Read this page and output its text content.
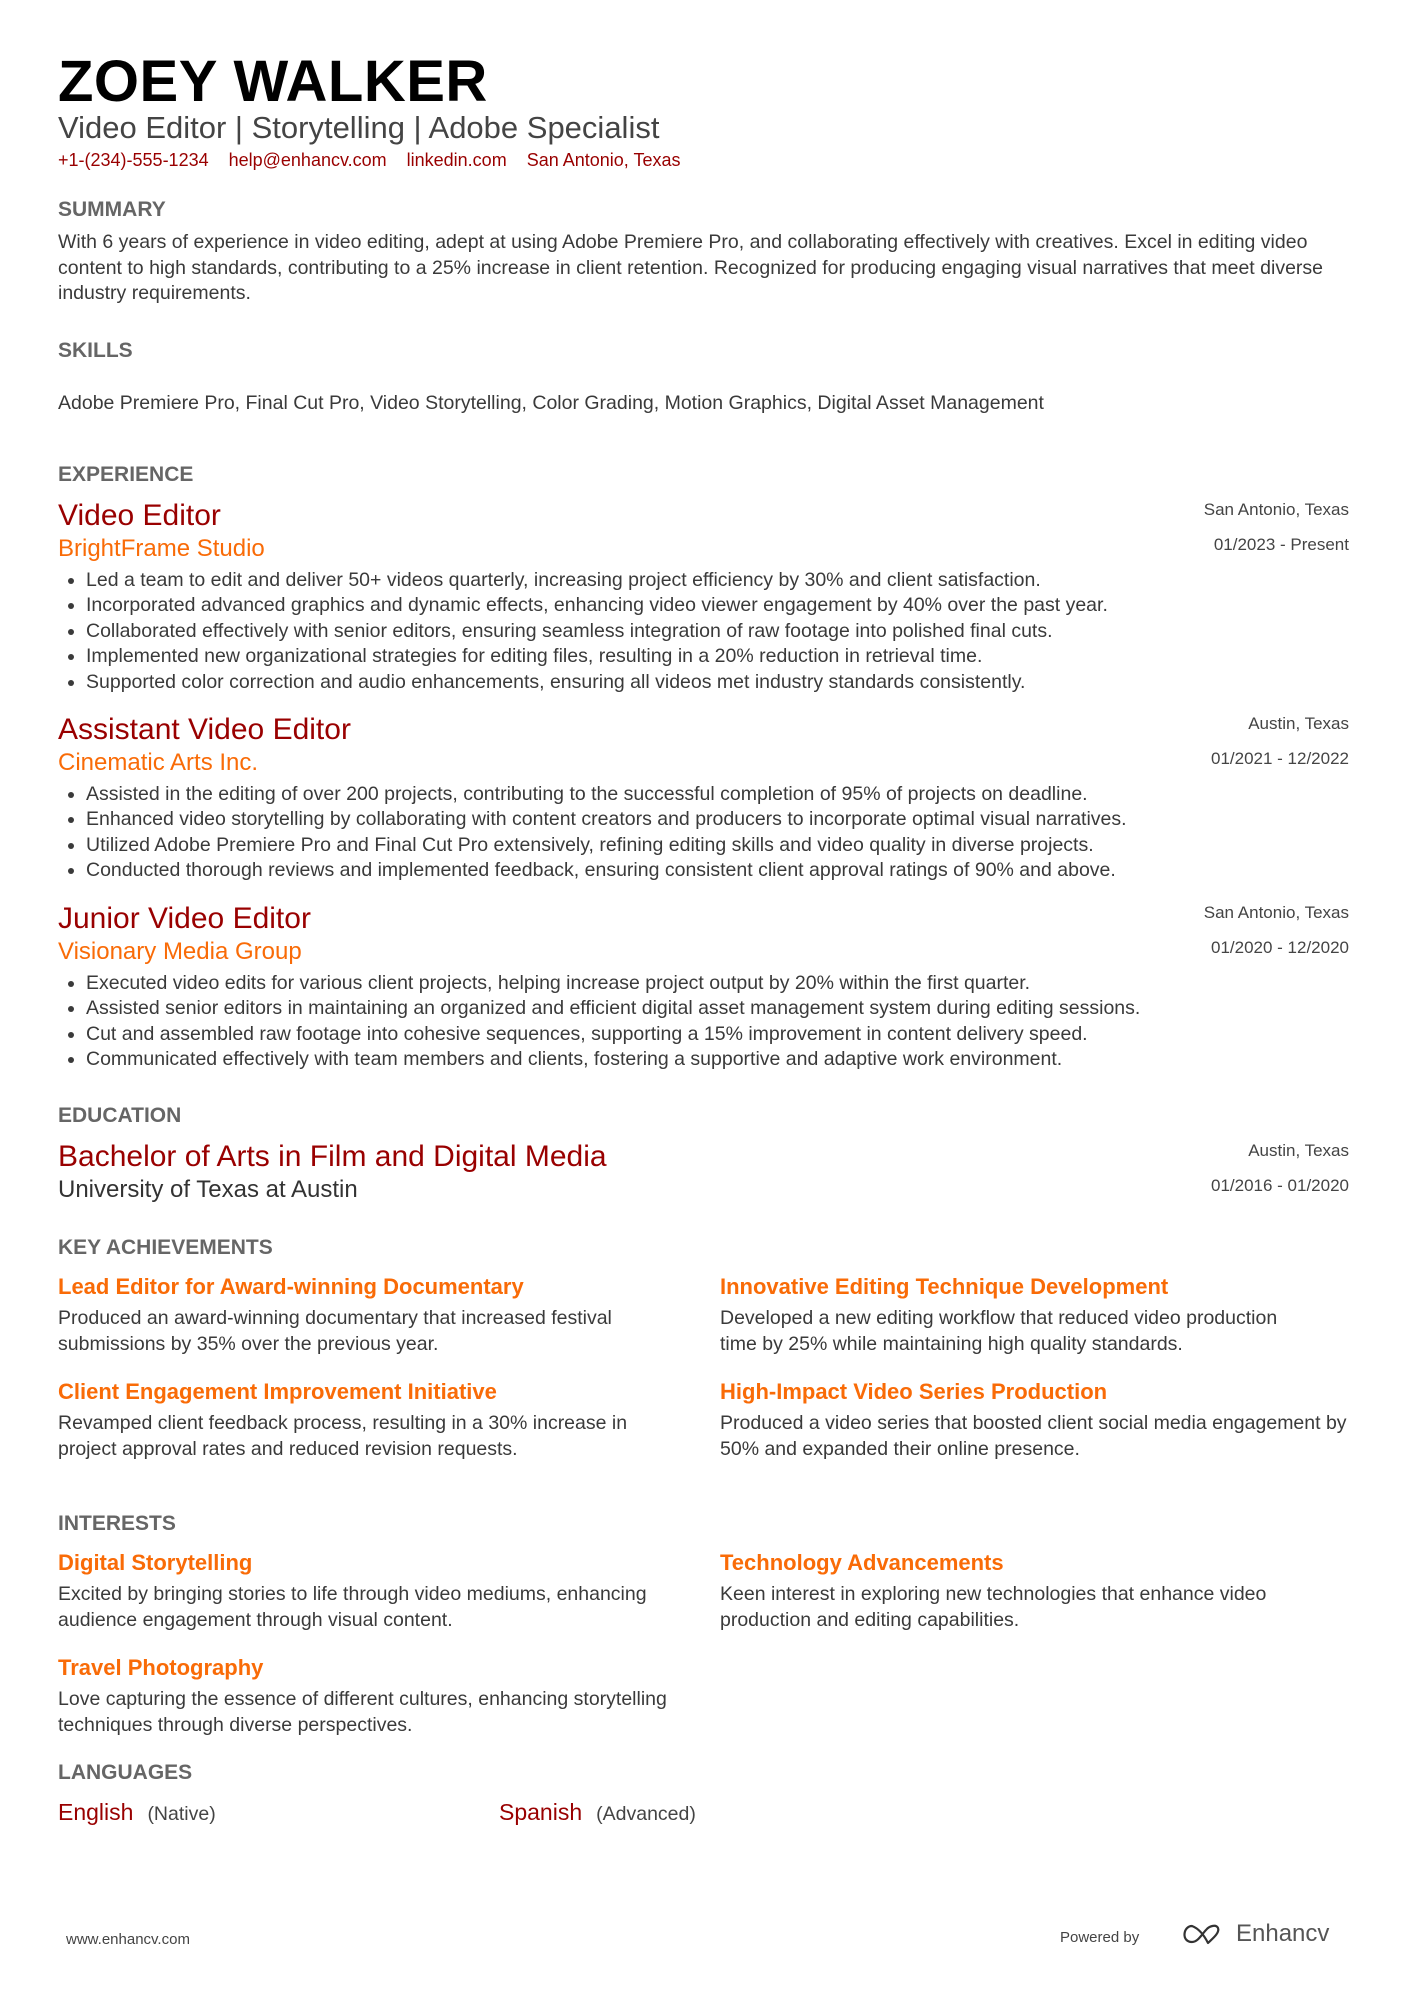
ZOEY WALKER
Video Editor | Storytelling | Adobe Specialist
+1-(234)-555-1234 help@enhancv.com linkedin.com San Antonio, Texas
SUMMARY
With 6 years of experience in video editing, adept at using Adobe Premiere Pro, and collaborating effectively with creatives. Excel in editing video content to high standards, contributing to a 25% increase in client retention. Recognized for producing engaging visual narratives that meet diverse industry requirements.
SKILLS
Adobe Premiere Pro, Final Cut Pro, Video Storytelling, Color Grading, Motion Graphics, Digital Asset Management
EXPERIENCE
San Antonio, Texas
01/2023 - Present
Video Editor
BrightFrame Studio
• Led a team to edit and deliver 50+ videos quarterly, increasing project efficiency by 30% and client satisfaction.
• Incorporated advanced graphics and dynamic effects, enhancing video viewer engagement by 40% over the past year.
• Collaborated effectively with senior editors, ensuring seamless integration of raw footage into polished final cuts.
• Implemented new organizational strategies for editing files, resulting in a 20% reduction in retrieval time.
• Supported color correction and audio enhancements, ensuring all videos met industry standards consistently.
Austin, Texas
01/2021 - 12/2022
Assistant Video Editor
Cinematic Arts Inc.
• Assisted in the editing of over 200 projects, contributing to the successful completion of 95% of projects on deadline.
• Enhanced video storytelling by collaborating with content creators and producers to incorporate optimal visual narratives.
• Utilized Adobe Premiere Pro and Final Cut Pro extensively, refining editing skills and video quality in diverse projects.
• Conducted thorough reviews and implemented feedback, ensuring consistent client approval ratings of 90% and above.
San Antonio, Texas
01/2020 - 12/2020
Junior Video Editor
Visionary Media Group
• Executed video edits for various client projects, helping increase project output by 20% within the first quarter.
• Assisted senior editors in maintaining an organized and efficient digital asset management system during editing sessions.
• Cut and assembled raw footage into cohesive sequences, supporting a 15% improvement in content delivery speed.
• Communicated effectively with team members and clients, fostering a supportive and adaptive work environment.
EDUCATION
Austin, Texas
01/2016 - 01/2020
Bachelor of Arts in Film and Digital Media
University of Texas at Austin
KEY ACHIEVEMENTS
Lead Editor for Award-winning Documentary
Produced an award-winning documentary that increased festival submissions by 35% over the previous year.
Innovative Editing Technique Development
Developed a new editing workflow that reduced video production time by 25% while maintaining high quality standards.
Client Engagement Improvement Initiative
Revamped client feedback process, resulting in a 30% increase in project approval rates and reduced revision requests.
High-Impact Video Series Production
Produced a video series that boosted client social media engagement by 50% and expanded their online presence.
INTERESTS
Digital Storytelling
Excited by bringing stories to life through video mediums, enhancing audience engagement through visual content.
Technology Advancements
Keen interest in exploring new technologies that enhance video production and editing capabilities.
Travel Photography
Love capturing the essence of different cultures, enhancing storytelling techniques through diverse perspectives.
LANGUAGES
English (Native)	Spanish (Advanced)
www.enhancv.com	Powered by	Enhancv
